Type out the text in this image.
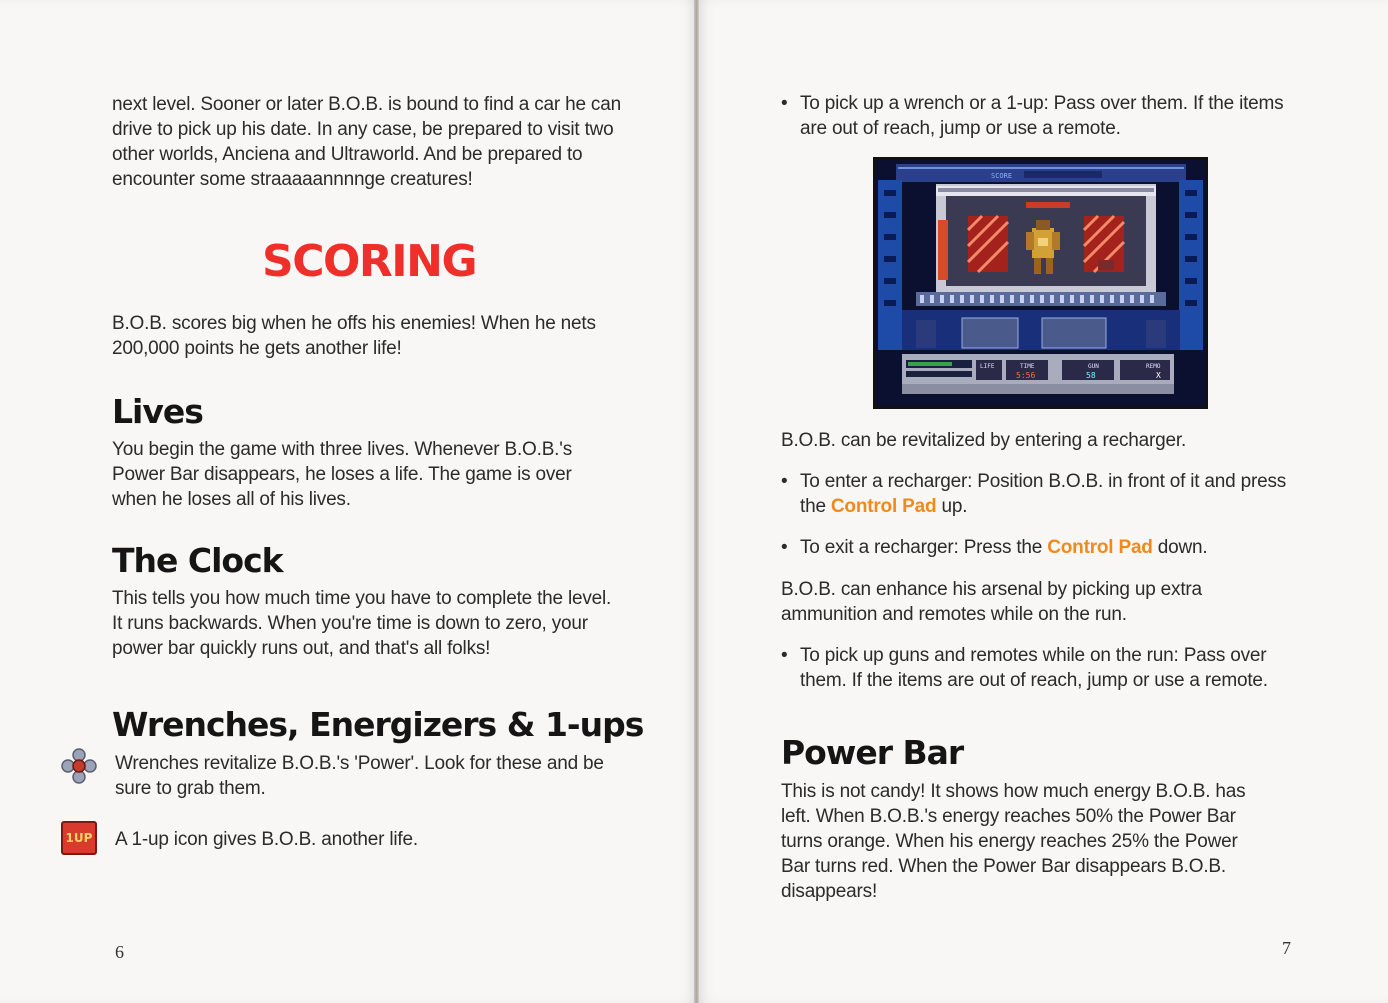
next level. Sooner or later B.O.B. is bound to find a car he can drive to pick up his date. In any case, be prepared to visit two other worlds, Anciena and Ultraworld. And be prepared to encounter some straaaaannnnge creatures!
SCORING
B.O.B. scores big when he offs his enemies! When he nets 200,000 points he gets another life!
Lives
You begin the game with three lives. Whenever B.O.B.'s Power Bar disappears, he loses a life. The game is over when he loses all of his lives.
The Clock
This tells you how much time you have to complete the level. It runs backwards. When you're time is down to zero, your power bar quickly runs out, and that's all folks!
Wrenches, Energizers & 1-ups
Wrenches revitalize B.O.B.'s 'Power'. Look for these and be sure to grab them.
1UP A 1-up icon gives B.O.B. another life.
6
• To pick up a wrench or a 1-up: Pass over them. If the items are out of reach, jump or use a remote.
SCORE
LIFE	TIME
5:56
GUN
58
REMO
X
B.O.B. can be revitalized by entering a recharger.
• To enter a recharger: Position B.O.B. in front of it and press the Control Pad up.
• To exit a recharger: Press the Control Pad down.
B.O.B. can enhance his arsenal by picking up extra ammunition and remotes while on the run.
• To pick up guns and remotes while on the run: Pass over them. If the items are out of reach, jump or use a remote.
Power Bar
This is not candy! It shows how much energy B.O.B. has left. When B.O.B.'s energy reaches 50% the Power Bar turns orange. When his energy reaches 25% the Power Bar turns red. When the Power Bar disappears B.O.B. disappears!
7
